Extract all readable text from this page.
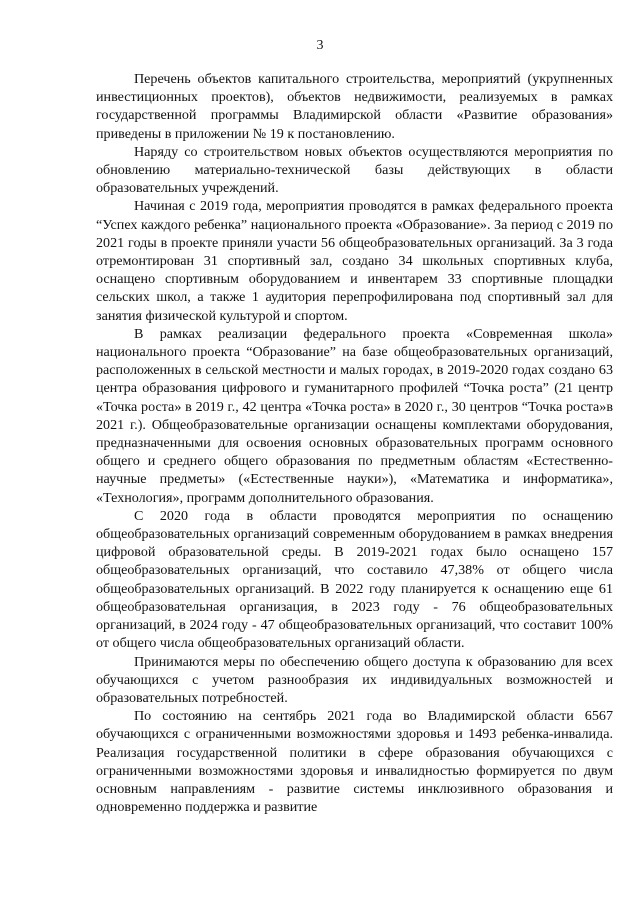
3

Перечень объектов капитального строительства, мероприятий (укрупненных инвестиционных проектов), объектов недвижимости, реализуемых в рамках государственной программы Владимирской области «Развитие образования» приведены в приложении № 19 к постановлению.

Наряду со строительством новых объектов осуществляются мероприятия по обновлению материально-технической базы действующих в области образовательных учреждений.

Начиная с 2019 года, мероприятия проводятся в рамках федерального проекта “Успех каждого ребенка” национального проекта «Образование». За период с 2019 по 2021 годы в проекте приняли участи 56 общеобразовательных организаций. За 3 года отремонтирован 31 спортивный зал, создано 34 школьных спортивных клуба, оснащено спортивным оборудованием и инвентарем 33 спортивные площадки сельских школ, а также 1 аудитория перепрофилирована под спортивный зал для занятия физической культурой и спортом.

В рамках реализации федерального проекта «Современная школа» национального проекта “Образование” на базе общеобразовательных организаций, расположенных в сельской местности и малых городах, в 2019-2020 годах создано 63 центра образования цифрового и гуманитарного профилей “Точка роста” (21 центр «Точка роста» в 2019 г., 42 центра «Точка роста» в 2020 г., 30 центров “Точка роста»в 2021 г.). Общеобразовательные организации оснащены комплектами оборудования, предназначенными для освоения основных образовательных программ основного общего и среднего общего образования по предметным областям «Естественно-научные предметы» («Естественные науки»), «Математика и информатика», «Технология», программ дополнительного образования.

С 2020 года в области проводятся мероприятия по оснащению общеобразовательных организаций современным оборудованием в рамках внедрения цифровой образовательной среды. В 2019-2021 годах было оснащено 157 общеобразовательных организаций, что составило 47,38% от общего числа общеобразовательных организаций. В 2022 году планируется к оснащению еще 61 общеобразовательная организация, в 2023 году - 76 общеобразовательных организаций, в 2024 году - 47 общеобразовательных организаций, что составит 100% от общего числа общеобразовательных организаций области.

Принимаются меры по обеспечению общего доступа к образованию для всех обучающихся с учетом разнообразия их индивидуальных возможностей и образовательных потребностей.

По состоянию на сентябрь 2021 года во Владимирской области 6567 обучающихся с ограниченными возможностями здоровья и 1493 ребенка-инвалида. Реализация государственной политики в сфере образования обучающихся с ограниченными возможностями здоровья и инвалидностью формируется по двум основным направлениям - развитие системы инклюзивного образования и одновременно поддержка и развитие
